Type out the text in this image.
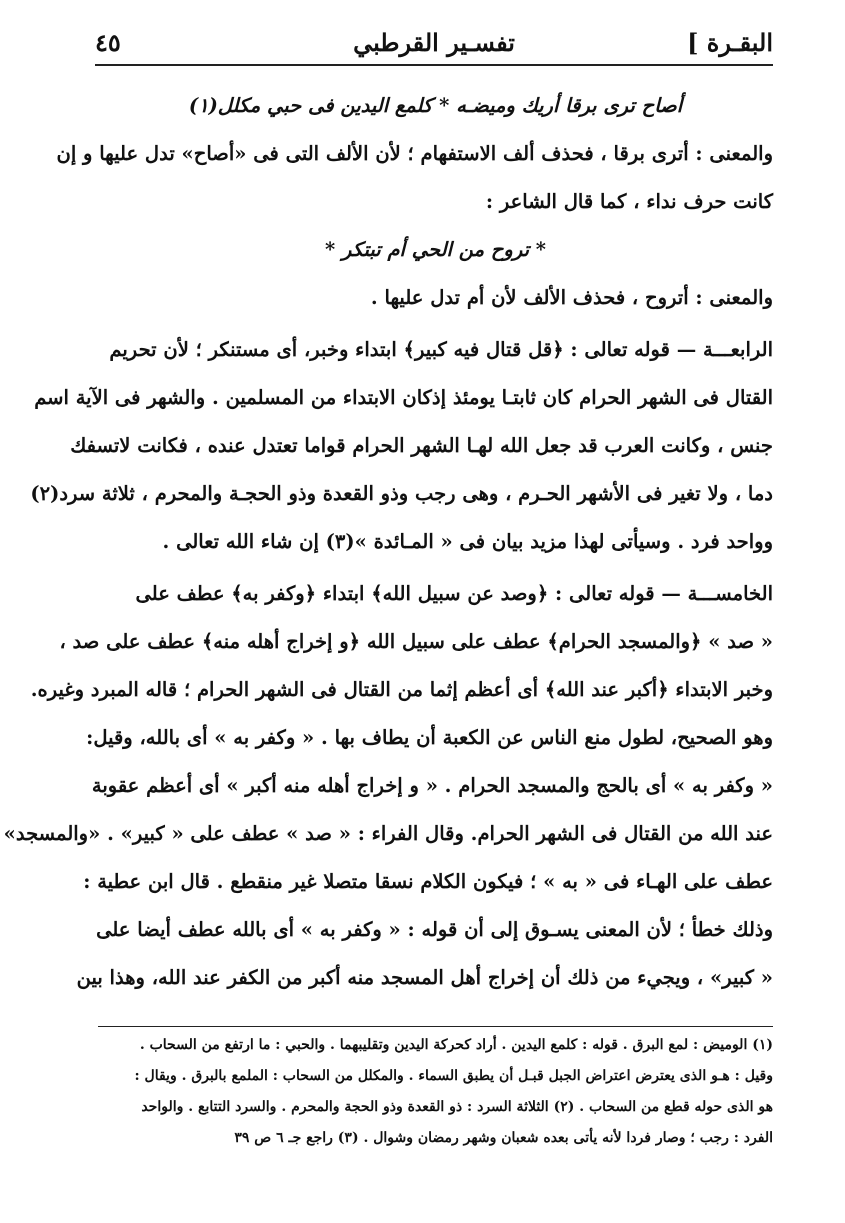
البقـرة ]
تفسـير القرطبي
٤٥
أصاح ترى برقا أريك وميضـه * كلمع اليدين فى حبي مكلل(١)
والمعنى : أترى برقا ، فحذف ألف الاستفهام ؛ لأن الألف التى فى «أصاح» تدل عليها و إن
كانت حرف نداء ، كما قال الشاعر :
* تروح من الحي أم تبتكر *
والمعنى : أتروح ، فحذف الألف لأن أم تدل عليها .
الرابعـــة — قوله تعالى : ﴿قل قتال فيه كبير﴾ ابتداء وخبر، أى مستنكر ؛ لأن تحريم
القتال فى الشهر الحرام كان ثابتـا يومئذ إذكان الابتداء من المسلمين . والشهر فى الآية اسم
جنس ، وكانت العرب قد جعل الله لهـا الشهر الحرام قواما تعتدل عنده ، فكانت لاتسفك
دما ، ولا تغير فى الأشهر الحـرم ، وهى رجب وذو القعدة وذو الحجـة والمحرم ، ثلاثة سرد(٢)
وواحد فرد . وسيأتى لهذا مزيد بيان فى « المـائدة »(٣) إن شاء الله تعالى .
الخامســـة — قوله تعالى : ﴿وصد عن سبيل الله﴾ ابتداء ﴿وكفر به﴾ عطف على
« صد » ﴿والمسجد الحرام﴾ عطف على سبيل الله ﴿و إخراج أهله منه﴾ عطف على صد ،
وخبر الابتداء ﴿أكبر عند الله﴾ أى أعظم إثما من القتال فى الشهر الحرام ؛ قاله المبرد وغيره.
وهو الصحيح، لطول منع الناس عن الكعبة أن يطاف بها . « وكفر به » أى بالله، وقيل:
« وكفر به » أى بالحج والمسجد الحرام . « و إخراج أهله منه أكبر » أى أعظم عقوبة
عند الله من القتال فى الشهر الحرام. وقال الفراء : « صد » عطف على « كبير» . «والمسجد»
عطف على الهـاء فى « به » ؛ فيكون الكلام نسقا متصلا غير منقطع . قال ابن عطية :
وذلك خطأ ؛ لأن المعنى يسـوق إلى أن قوله : « وكفر به » أى بالله عطف أيضا على
« كبير» ، ويجيء من ذلك أن إخراج أهل المسجد منه أكبر من الكفر عند الله، وهذا بين
(١) الوميض : لمع البرق . قوله : كلمع اليدين . أراد كحركة اليدين وتقليبهما . والحبي : ما ارتفع من السحاب .
وقيل : هـو الذى يعترض اعتراض الجبل قبـل أن يطبق السماء . والمكلل من السحاب : الملمع بالبرق . ويقال :
هو الذى حوله قطع من السحاب . (٢) الثلاثة السرد : ذو القعدة وذو الحجة والمحرم . والسرد التتابع . والواحد
الفرد : رجب ؛ وصار فردا لأنه يأتى بعده شعبان وشهر رمضان وشوال . (٣) راجع جـ ٦ ص ٣٩
